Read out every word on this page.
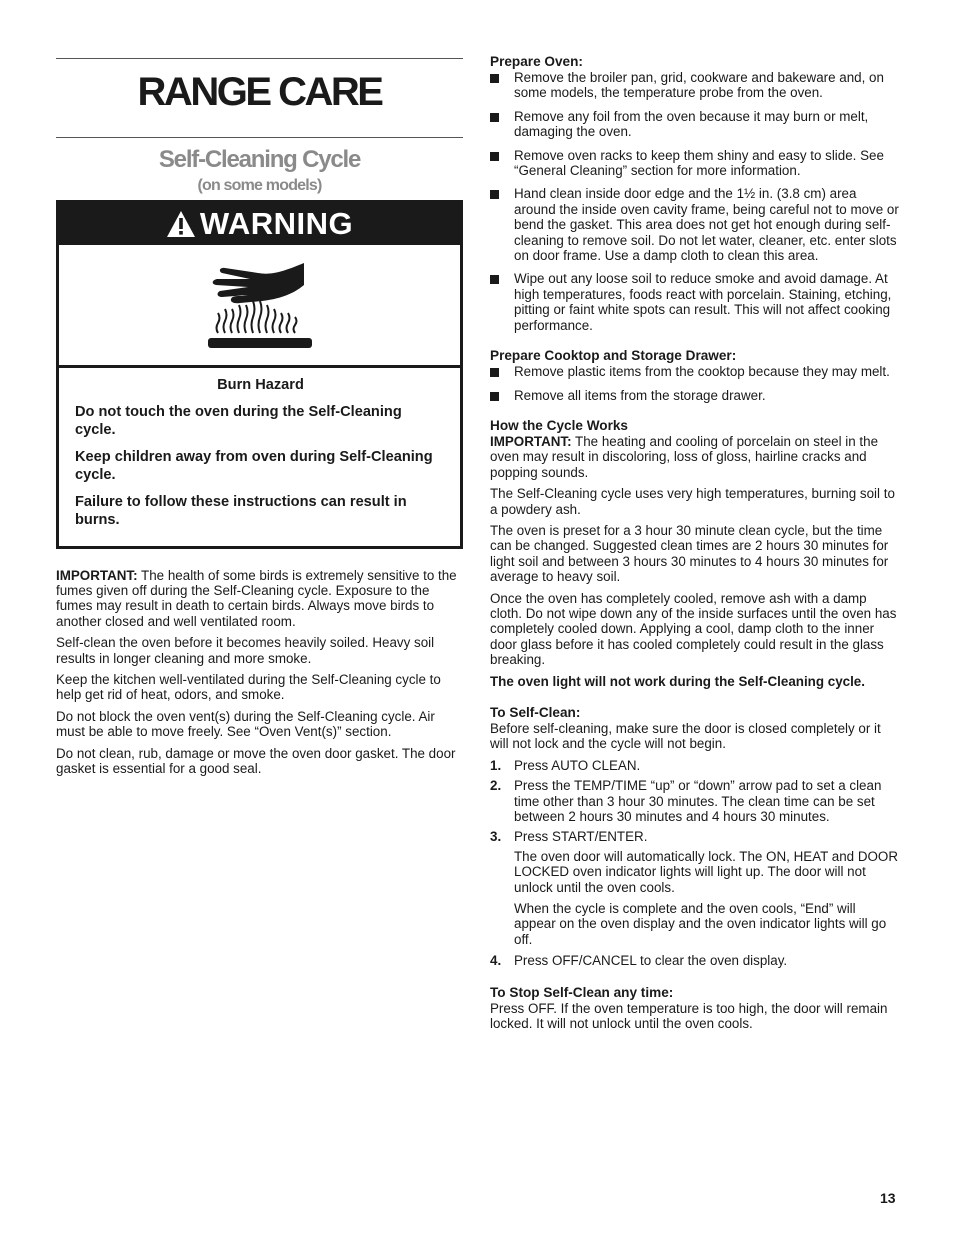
RANGE CARE
Self-Cleaning Cycle
(on some models)
WARNING
Burn Hazard

Do not touch the oven during the Self-Cleaning cycle.

Keep children away from oven during Self-Cleaning cycle.

Failure to follow these instructions can result in burns.

IMPORTANT: The health of some birds is extremely sensitive to the fumes given off during the Self-Cleaning cycle. Exposure to the fumes may result in death to certain birds. Always move birds to another closed and well ventilated room.

Self-clean the oven before it becomes heavily soiled. Heavy soil results in longer cleaning and more smoke.

Keep the kitchen well-ventilated during the Self-Cleaning cycle to help get rid of heat, odors, and smoke.

Do not block the oven vent(s) during the Self-Cleaning cycle. Air must be able to move freely. See “Oven Vent(s)” section.

Do not clean, rub, damage or move the oven door gasket. The door gasket is essential for a good seal.

Prepare Oven:
Remove the broiler pan, grid, cookware and bakeware and, on some models, the temperature probe from the oven.
Remove any foil from the oven because it may burn or melt, damaging the oven.
Remove oven racks to keep them shiny and easy to slide. See “General Cleaning” section for more information.
Hand clean inside door edge and the 1½ in. (3.8 cm) area around the inside oven cavity frame, being careful not to move or bend the gasket. This area does not get hot enough during self-cleaning to remove soil. Do not let water, cleaner, etc. enter slots on door frame. Use a damp cloth to clean this area.
Wipe out any loose soil to reduce smoke and avoid damage. At high temperatures, foods react with porcelain. Staining, etching, pitting or faint white spots can result. This will not affect cooking performance.
Prepare Cooktop and Storage Drawer:
Remove plastic items from the cooktop because they may melt.
Remove all items from the storage drawer.
How the Cycle Works

IMPORTANT: The heating and cooling of porcelain on steel in the oven may result in discoloring, loss of gloss, hairline cracks and popping sounds.

The Self-Cleaning cycle uses very high temperatures, burning soil to a powdery ash.

The oven is preset for a 3 hour 30 minute clean cycle, but the time can be changed. Suggested clean times are 2 hours 30 minutes for light soil and between 3 hours 30 minutes to 4 hours 30 minutes for average to heavy soil.

Once the oven has completely cooled, remove ash with a damp cloth. Do not wipe down any of the inside surfaces until the oven has completely cooled down. Applying a cool, damp cloth to the inner door glass before it has cooled completely could result in the glass breaking.

The oven light will not work during the Self-Cleaning cycle.

To Self-Clean:

Before self-cleaning, make sure the door is closed completely or it will not lock and the cycle will not begin.

1. Press AUTO CLEAN.
2. Press the TEMP/TIME “up” or “down” arrow pad to set a clean time other than 3 hour 30 minutes. The clean time can be set between 2 hours 30 minutes and 4 hours 30 minutes.
3. Press START/ENTER.

The oven door will automatically lock. The ON, HEAT and DOOR LOCKED oven indicator lights will light up. The door will not unlock until the oven cools.

When the cycle is complete and the oven cools, “End” will appear on the oven display and the oven indicator lights will go off.

4. Press OFF/CANCEL to clear the oven display.
To Stop Self-Clean any time:

Press OFF. If the oven temperature is too high, the door will remain locked. It will not unlock until the oven cools.

13
